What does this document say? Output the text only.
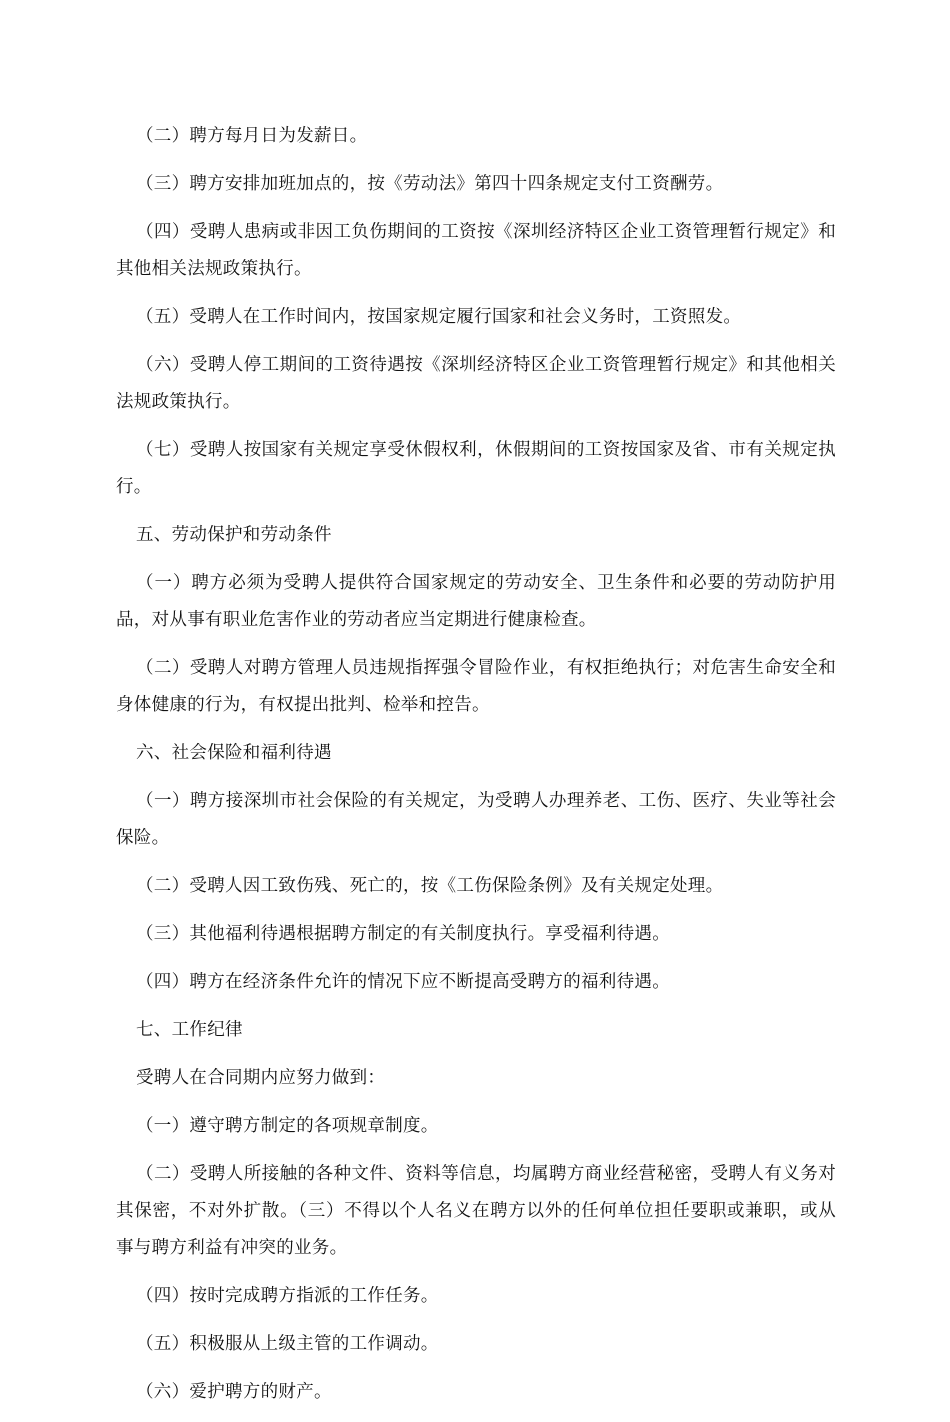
（二）聘方每月日为发薪日。

（三）聘方安排加班加点的，按《劳动法》第四十四条规定支付工资酬劳。

（四）受聘人患病或非因工负伤期间的工资按《深圳经济特区企业工资管理暂行规定》和其他相关法规政策执行。

（五）受聘人在工作时间内，按国家规定履行国家和社会义务时，工资照发。

（六）受聘人停工期间的工资待遇按《深圳经济特区企业工资管理暂行规定》和其他相关法规政策执行。

（七）受聘人按国家有关规定享受休假权利，休假期间的工资按国家及省、市有关规定执行。

五、劳动保护和劳动条件

（一）聘方必须为受聘人提供符合国家规定的劳动安全、卫生条件和必要的劳动防护用品，对从事有职业危害作业的劳动者应当定期进行健康检查。

（二）受聘人对聘方管理人员违规指挥强令冒险作业，有权拒绝执行；对危害生命安全和身体健康的行为，有权提出批判、检举和控告。

六、社会保险和福利待遇

（一）聘方接深圳市社会保险的有关规定，为受聘人办理养老、工伤、医疗、失业等社会保险。

（二）受聘人因工致伤残、死亡的，按《工伤保险条例》及有关规定处理。

（三）其他福利待遇根据聘方制定的有关制度执行。享受福利待遇。

（四）聘方在经济条件允许的情况下应不断提高受聘方的福利待遇。

七、工作纪律

受聘人在合同期内应努力做到：

（一）遵守聘方制定的各项规章制度。

（二）受聘人所接触的各种文件、资料等信息，均属聘方商业经营秘密，受聘人有义务对其保密，不对外扩散。（三）不得以个人名义在聘方以外的任何单位担任要职或兼职，或从事与聘方利益有冲突的业务。

（四）按时完成聘方指派的工作任务。

（五）积极服从上级主管的工作调动。

（六）爱护聘方的财产。
